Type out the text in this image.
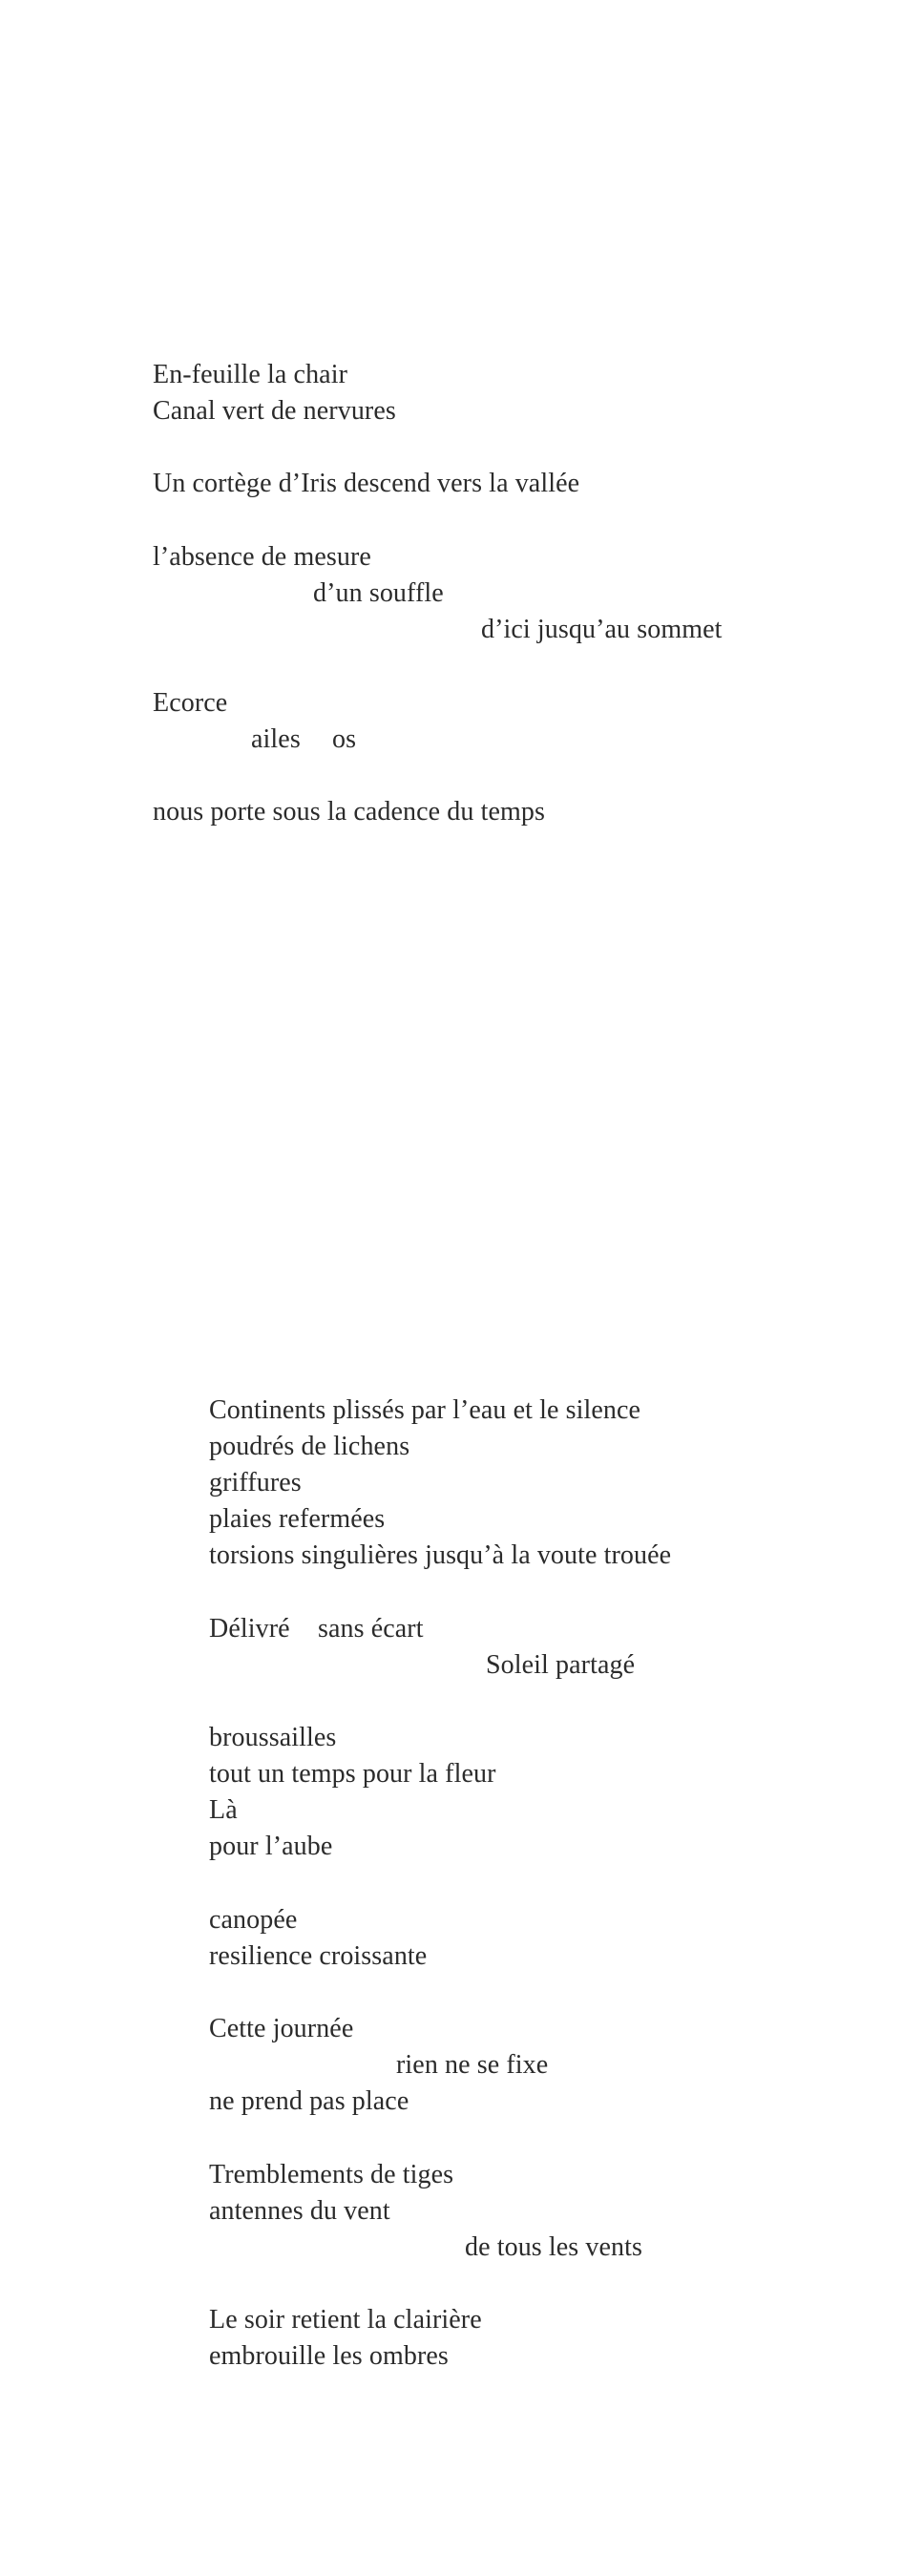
En-feuille la chair
Canal vert de nervures
Un cortège d’Iris descend vers la vallée
l’absence de mesure
d’un souffle
d’ici jusqu’au sommet
Ecorce
ailes os
nous porte sous la cadence du temps
Continents plissés par l’eau et le silence
poudrés de lichens
griffures
plaies refermées
torsions singulières jusqu’à la voute trouée
Délivré sans écart
Soleil partagé
broussailles
tout un temps pour la fleur
Là
pour l’aube
canopée
resilience croissante
Cette journée
rien ne se fixe
ne prend pas place
Tremblements de tiges
antennes du vent
de tous les vents
Le soir retient la clairière
embrouille les ombres
